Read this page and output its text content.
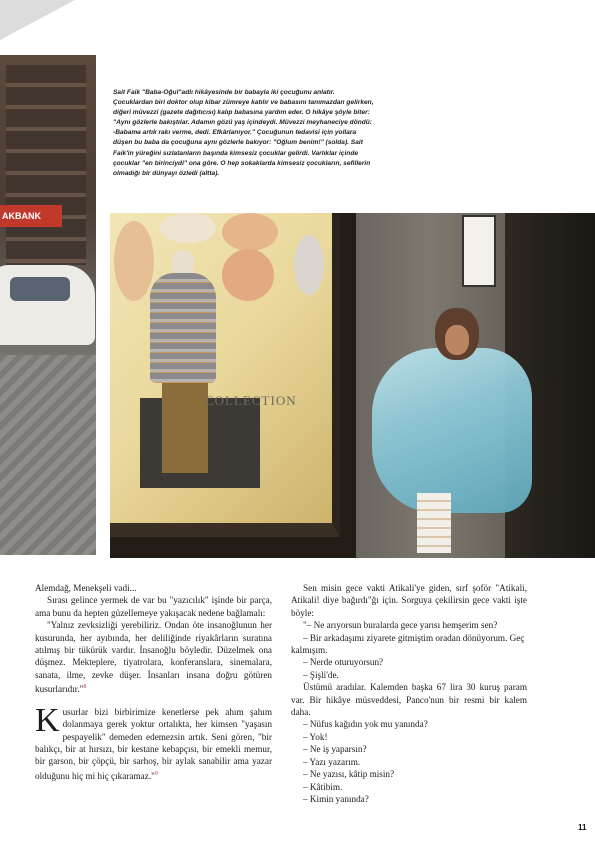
AKBANK

Sait Faik "Baba-Oğul"adlı hikâyesinde bir babayla iki çocuğunu anlatır. Çocuklardan biri doktor olup kibar zümreye katılır ve babasını tanımazdan gelirken, diğeri müvezzi (gazete dağıtıcısı) kalıp babasına yardım eder. O hikâye şöyle biter: "Aynı gözlerle bakıştılar. Adamın gözü yaş içindeydi. Müvezzi meyhaneciye döndü: -Babama artık rakı verme, dedi. Efkârlanıyor." Çocuğunun tedavisi için yollara düşen bu baba da çocuğuna aynı gözlerle bakıyor: "Oğlum benim!" (solda). Sait Faik'in yüreğini sızlatanların başında kimsesiz çocuklar gelirdi. Varlıklar içinde çocuklar "en birinciydi" ona göre. O hep sokaklarda kimsesiz çocukların, sefillerin olmadığı bir dünyayı özledi (altta).

COLLECTION

Alemdağ, Menekşeli vadi...

Sırası gelince yermek de var bu "yazıcılık" işinde bir parça, ama bunu da hepten güzellemeye yakışacak nedene bağlamalı:

"Yalnız zevksizliği yerebiliriz. Ondan öte insanoğlunun her kusurunda, her ayıbında, her deliliğinde riyakârların suratına atılmış bir tükürük vardır. İnsanoğlu böyledir. Düzelmek ona düşmez. Mekteplere, tiyatrolara, konferanslara, sinemalara, sanata, ilme, zevke düşer. İnsanları insana doğru götüren kusurlarıdır."$^8$

Kusurlar bizi birbirimize kenetlerse pek ahım şahım dolanmaya gerek yoktur ortalıkta, her kimsen "yaşasın pespayelik" demeden edemezsin artık. Seni gören, "bir balıkçı, bir at hırsızı, bir kestane kebapçısı, bir emekli memur, bir garson, bir çöpçü, bir sarhoş, bir aylak sanabilir ama yazar olduğunu hiç mi hiç çıkaramaz."$^9$

Sen misin gece vakti Atikali'ye giden, sırf şoför "Atikali, Atikali! diye bağırdı"ğı için. Sorguya çekilirsin gece vakti işte böyle:

"– Ne arıyorsun buralarda gece yarısı hemşerim sen?

– Bir arkadaşımı ziyarete gitmiştim oradan dönüyorum. Geç kalmışım.

– Nerde oturuyorsun?

– Şişli'de.

Üstümü aradılar. Kalemden başka 67 lira 30 kuruş param var. Bir hikâye müsveddesi, Panco'nun bir resmi bir kalem daha.

– Nüfus kağıdın yok mu yanında?

– Yok!

– Ne iş yaparsın?

– Yazı yazarım.

– Ne yazısı, kâtip misin?

– Kâtibim.

– Kimin yanında?

11
